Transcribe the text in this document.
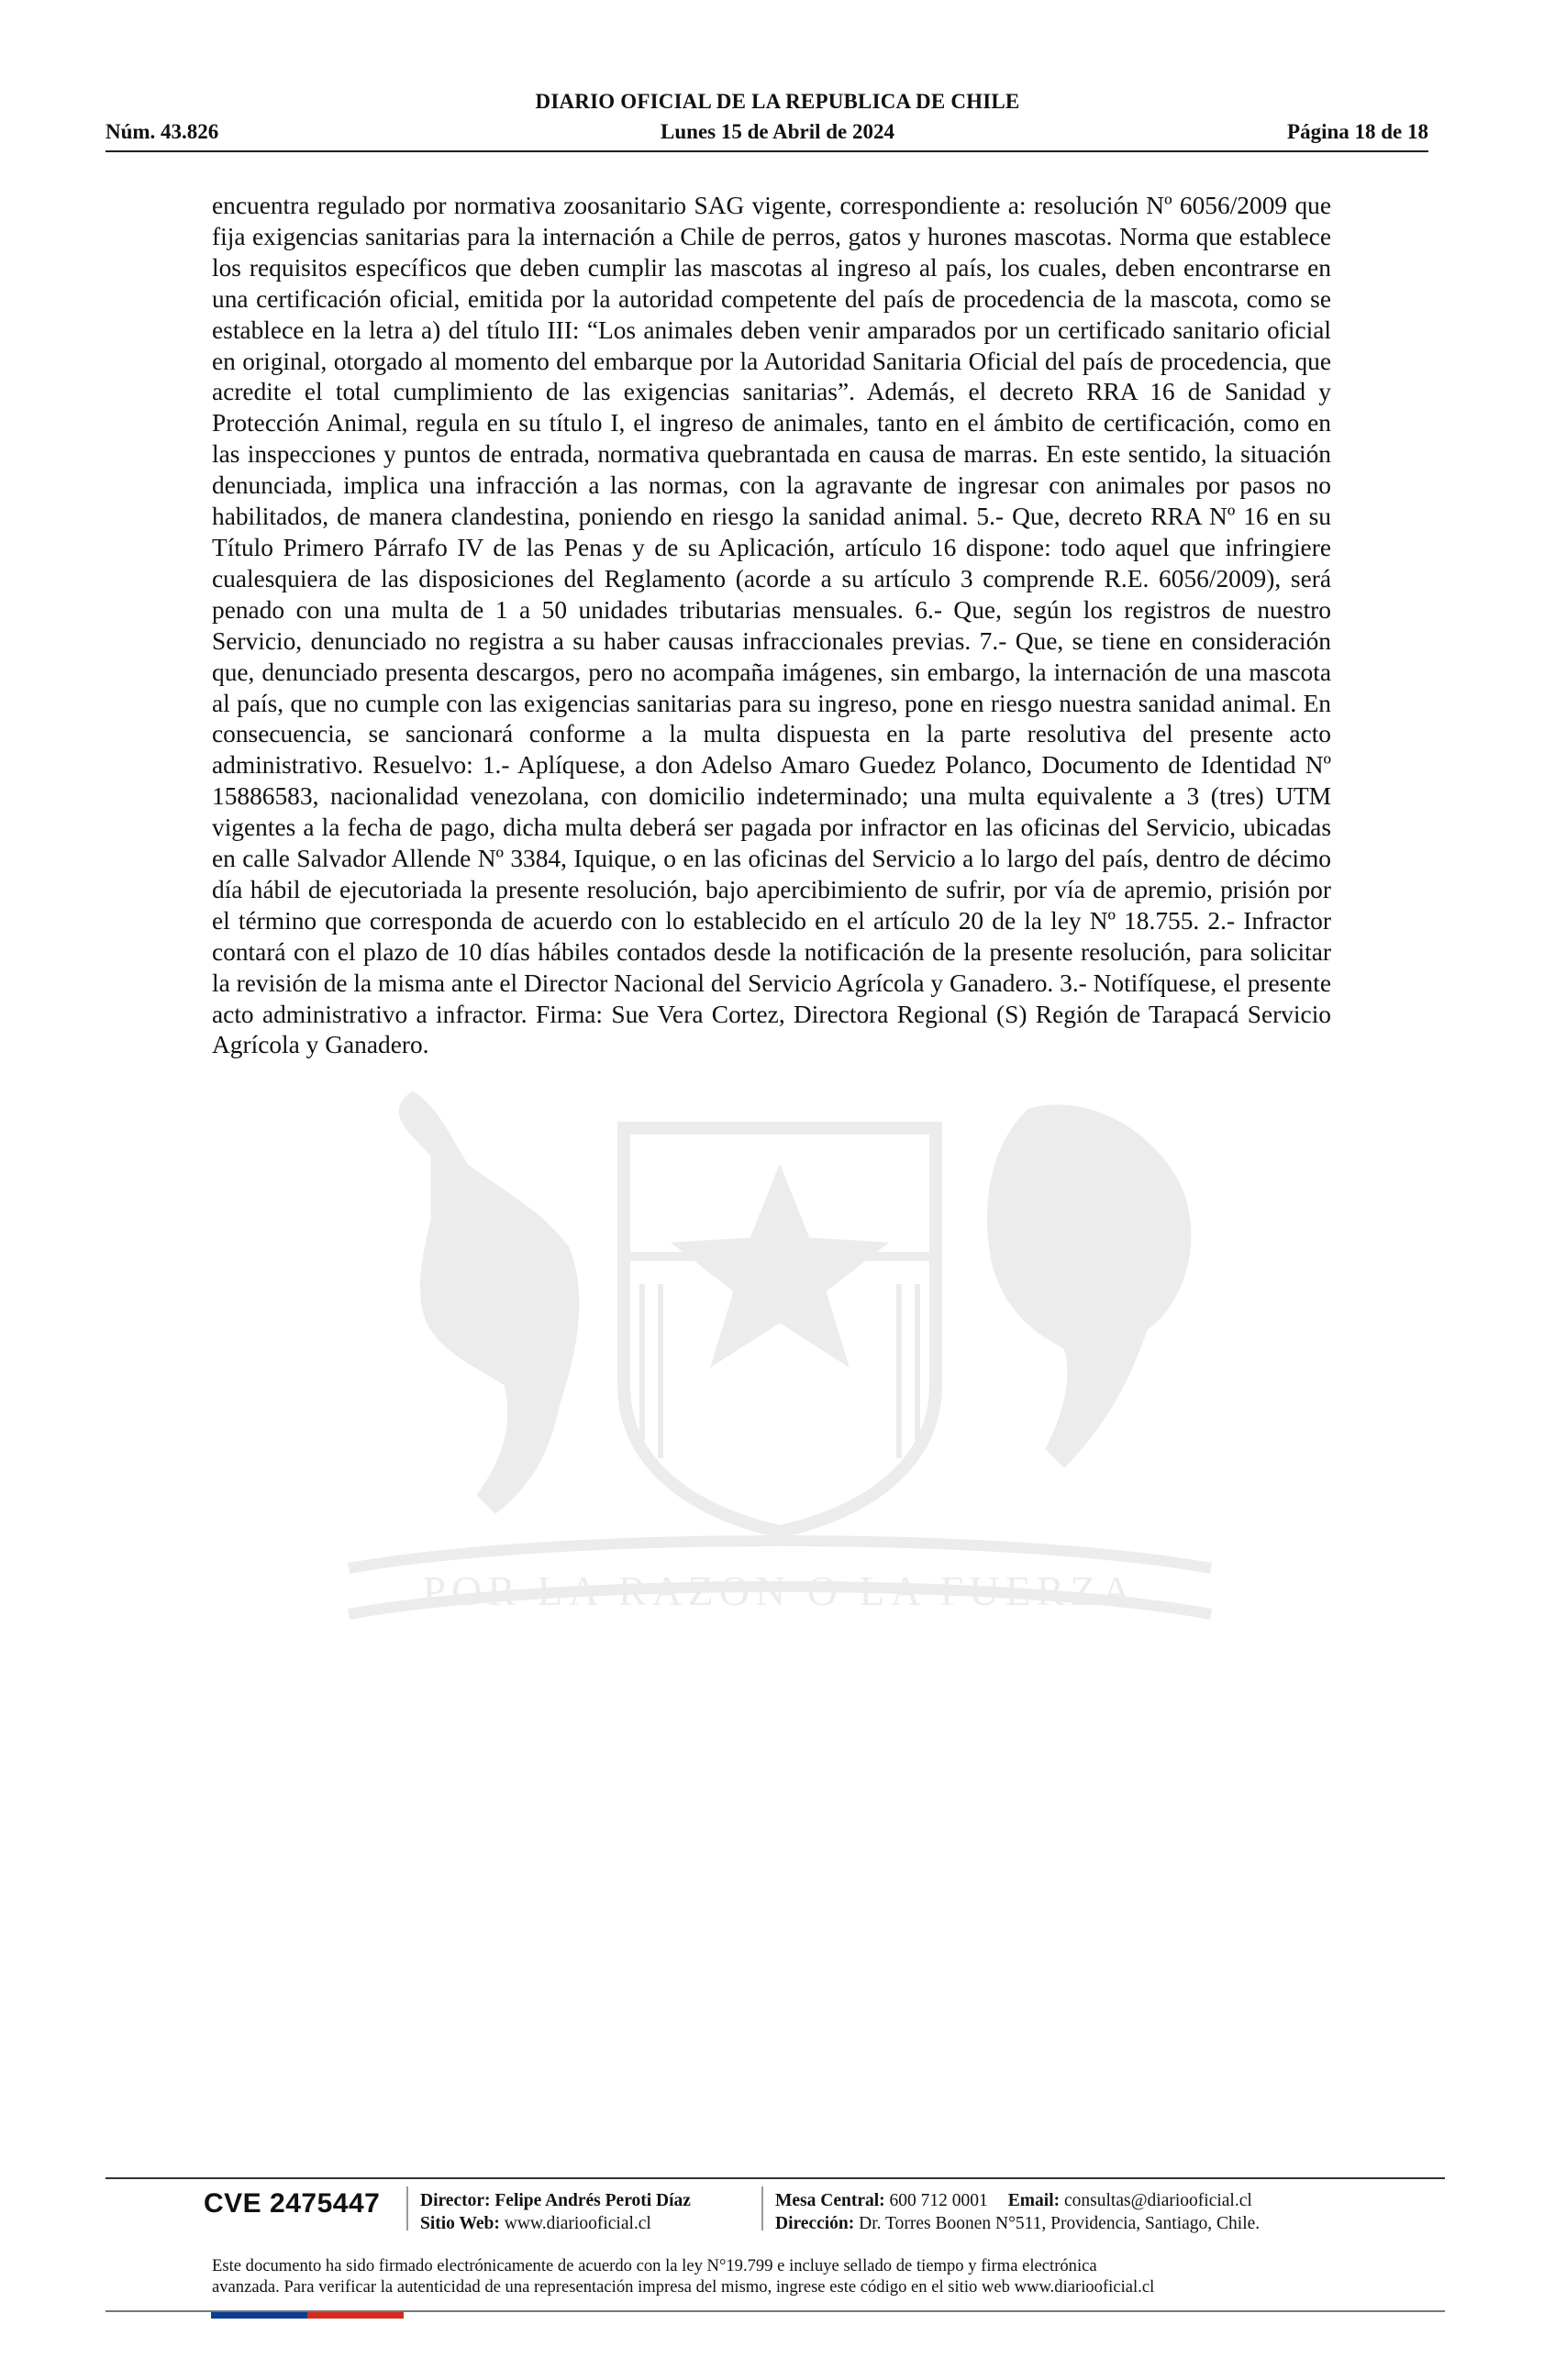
POR LA RAZON O LA FUERZA
DIARIO OFICIAL DE LA REPUBLICA DE CHILE
Núm. 43.826	Lunes 15 de Abril de 2024	Página 18 de 18
encuentra regulado por normativa zoosanitario SAG vigente, correspondiente a: resolución Nº 6056/2009 que fija exigencias sanitarias para la internación a Chile de perros, gatos y hurones mascotas. Norma que establece los requisitos específicos que deben cumplir las mascotas al ingreso al país, los cuales, deben encontrarse en una certificación oficial, emitida por la autoridad competente del país de procedencia de la mascota, como se establece en la letra a) del título III: “Los animales deben venir amparados por un certificado sanitario oficial en original, otorgado al momento del embarque por la Autoridad Sanitaria Oficial del país de procedencia, que acredite el total cumplimiento de las exigencias sanitarias”. Además, el decreto RRA 16 de Sanidad y Protección Animal, regula en su título I, el ingreso de animales, tanto en el ámbito de certificación, como en las inspecciones y puntos de entrada, normativa quebrantada en causa de marras. En este sentido, la situación denunciada, implica una infracción a las normas, con la agravante de ingresar con animales por pasos no habilitados, de manera clandestina, poniendo en riesgo la sanidad animal. 5.- Que, decreto RRA Nº 16 en su Título Primero Párrafo IV de las Penas y de su Aplicación, artículo 16 dispone: todo aquel que infringiere cualesquiera de las disposiciones del Reglamento (acorde a su artículo 3 comprende R.E. 6056/2009), será penado con una multa de 1 a 50 unidades tributarias mensuales. 6.- Que, según los registros de nuestro Servicio, denunciado no registra a su haber causas infraccionales previas. 7.- Que, se tiene en consideración que, denunciado presenta descargos, pero no acompaña imágenes, sin embargo, la internación de una mascota al país, que no cumple con las exigencias sanitarias para su ingreso, pone en riesgo nuestra sanidad animal. En consecuencia, se sancionará conforme a la multa dispuesta en la parte resolutiva del presente acto administrativo. Resuelvo: 1.- Aplíquese, a don Adelso Amaro Guedez Polanco, Documento de Identidad Nº 15886583, nacionalidad venezolana, con domicilio indeterminado; una multa equivalente a 3 (tres) UTM vigentes a la fecha de pago, dicha multa deberá ser pagada por infractor en las oficinas del Servicio, ubicadas en calle Salvador Allende Nº 3384, Iquique, o en las oficinas del Servicio a lo largo del país, dentro de décimo día hábil de ejecutoriada la presente resolución, bajo apercibimiento de sufrir, por vía de apremio, prisión por el término que corresponda de acuerdo con lo establecido en el artículo 20 de la ley Nº 18.755. 2.- Infractor contará con el plazo de 10 días hábiles contados desde la notificación de la presente resolución, para solicitar la revisión de la misma ante el Director Nacional del Servicio Agrícola y Ganadero. 3.- Notifíquese, el presente acto administrativo a infractor. Firma: Sue Vera Cortez, Directora Regional (S) Región de Tarapacá Servicio Agrícola y Ganadero.
CVE 2475447 Director: Felipe Andrés Peroti Díaz
Sitio Web: www.diariooficial.cl
Mesa Central: 600 712 0001 Email: consultas@diariooficial.cl
Dirección: Dr. Torres Boonen N°511, Providencia, Santiago, Chile.
Este documento ha sido firmado electrónicamente de acuerdo con la ley N°19.799 e incluye sellado de tiempo y firma electrónica
avanzada. Para verificar la autenticidad de una representación impresa del mismo, ingrese este código en el sitio web www.diariooficial.cl
